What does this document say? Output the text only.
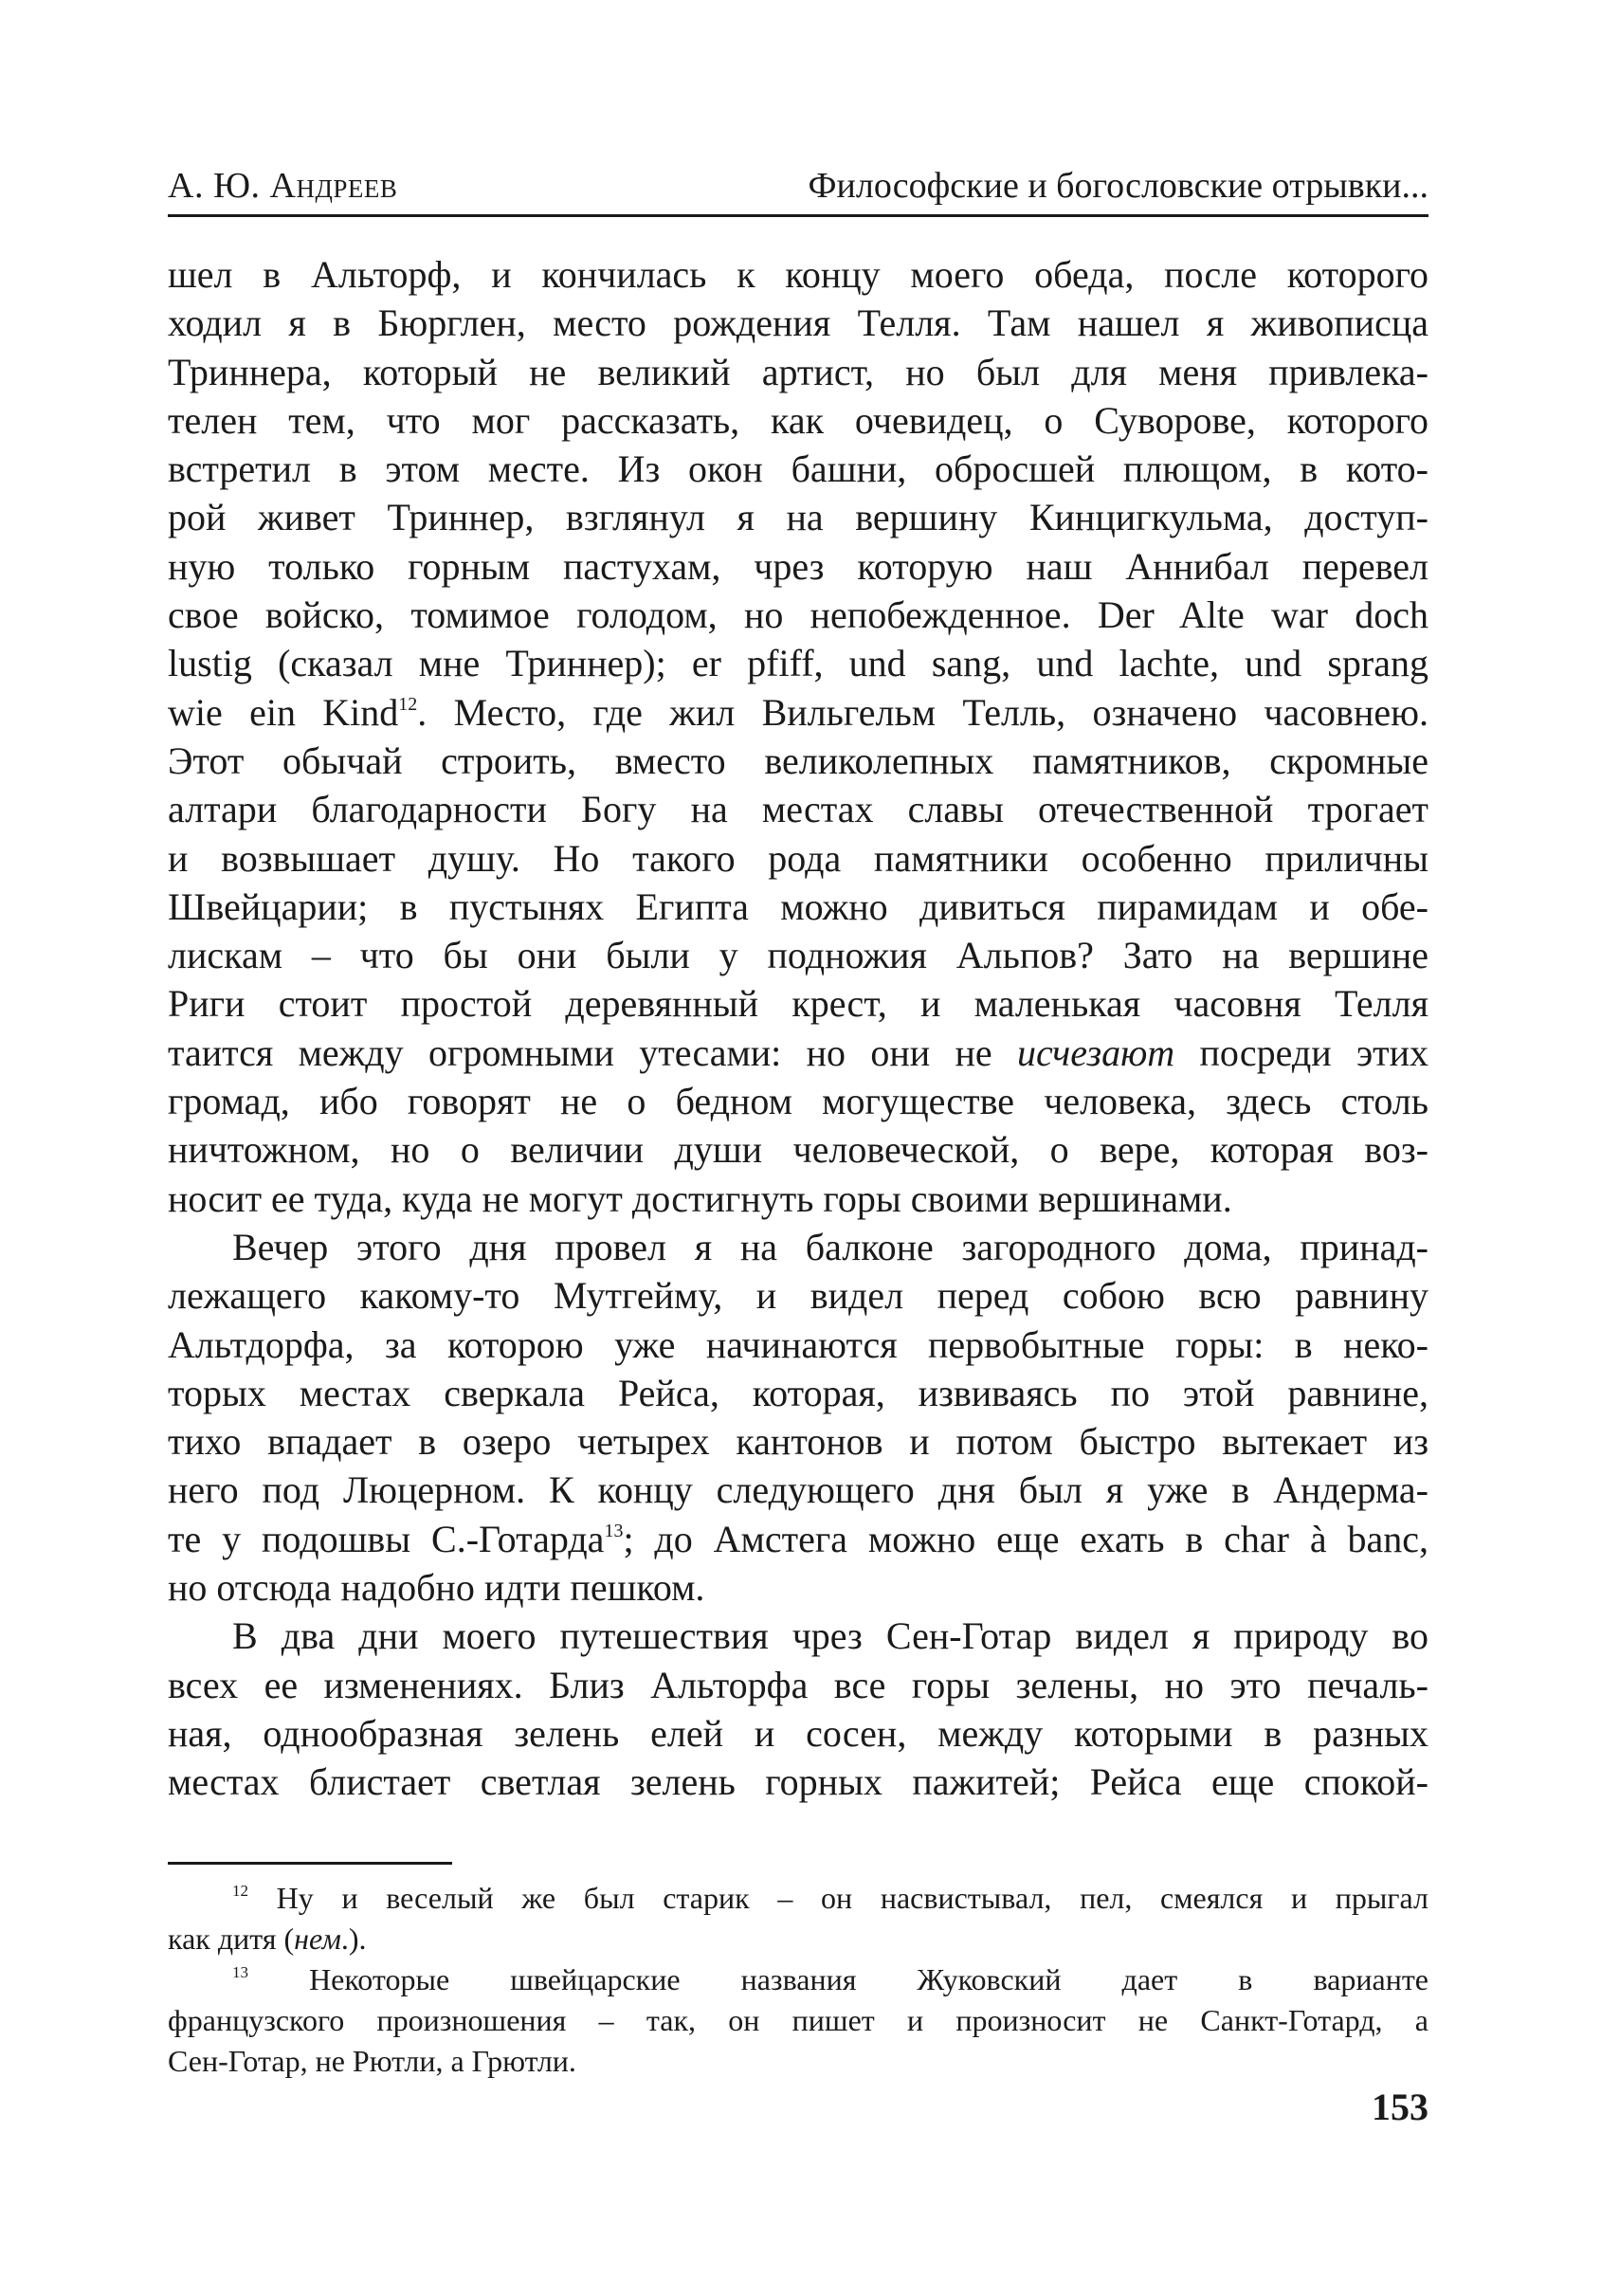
А. Ю. Андреев	Философские и богословские отрывки...
шел в Альторф, и кончилась к концу моего обеда, после которого
ходил я в Бюрглен, место рождения Телля. Там нашел я живописца
Триннера, который не великий артист, но был для меня привлека-
телен тем, что мог рассказать, как очевидец, о Суворове, которого
встретил в этом месте. Из окон башни, обросшей плющом, в кото-
рой живет Триннер, взглянул я на вершину Кинцигкульма, доступ-
ную только горным пастухам, чрез которую наш Аннибал перевел
свое войско, томимое голодом, но непобежденное. Der Alte war doch
lustig (сказал мне Триннер); er pfiff, und sang, und lachte, und sprang
wie ein Kind$^{12}$. Место, где жил Вильгельм Телль, означено часовнею.
Этот обычай строить, вместо великолепных памятников, скромные
алтари благодарности Богу на местах славы отечественной трогает
и возвышает душу. Но такого рода памятники особенно приличны
Швейцарии; в пустынях Египта можно дивиться пирамидам и обе-
лискам – что бы они были у подножия Альпов? Зато на вершине
Риги стоит простой деревянный крест, и маленькая часовня Телля
таится между огромными утесами: но они не исчезают посреди этих
громад, ибо говорят не о бедном могуществе человека, здесь столь
ничтожном, но о величии души человеческой, о вере, которая воз-
носит ее туда, куда не могут достигнуть горы своими вершинами.
Вечер этого дня провел я на балконе загородного дома, принад-
лежащего какому-то Мутгейму, и видел перед собою всю равнину
Альтдорфа, за которою уже начинаются первобытные горы: в неко-
торых местах сверкала Рейса, которая, извиваясь по этой равнине,
тихо впадает в озеро четырех кантонов и потом быстро вытекает из
него под Люцерном. К концу следующего дня был я уже в Андерма-
те у подошвы С.-Готарда$^{13}$; до Амстега можно еще ехать в char à banc,
но отсюда надобно идти пешком.
В два дни моего путешествия чрез Сен-Готар видел я природу во
всех ее изменениях. Близ Альторфа все горы зелены, но это печаль-
ная, однообразная зелень елей и сосен, между которыми в разных
местах блистает светлая зелень горных пажитей; Рейса еще спокой-
$^{12}$ Ну и веселый же был старик – он насвистывал, пел, смеялся и прыгал
как дитя (нем.).
$^{13}$ Некоторые швейцарские названия Жуковский дает в варианте
французского произношения – так, он пишет и произносит не Санкт-Готард, а
Сен-Готар, не Рютли, а Грютли.
153
